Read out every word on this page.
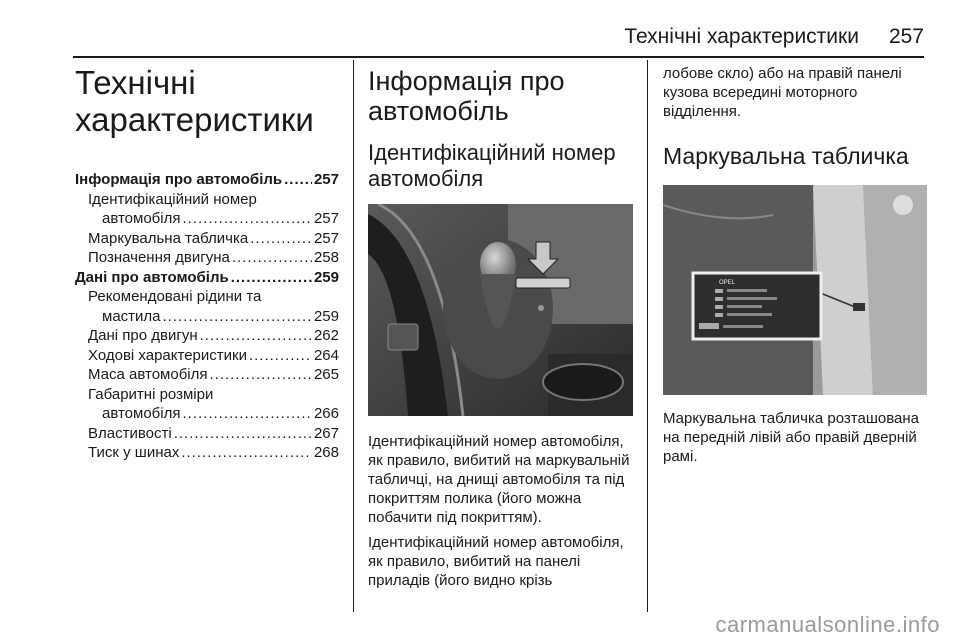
Технічні характеристики 257
Технічні характеристики
Інформація про автомобіль ..... 257
Ідентифікаційний номер
автомобіля .....	257
Маркувальна табличка .....	257
Позначення двигуна .....	258
Дані про автомобіль .....	259
Рекомендовані рідини та
мастила .....	259
Дані про двигун .....	262
Ходові характеристики .....	264
Маса автомобіля .....	265
Габаритні розміри
автомобіля .....	266
Властивості .....	267
Тиск у шинах .....	268
Інформація про автомобіль
Ідентифікаційний номер автомобіля
Ідентифікаційний номер автомобіля, як правило, вибитий на маркувальній табличці, на днищі автомобіля та під покриттям полика (його можна побачити під покриттям).
Ідентифікаційний номер автомобіля, як правило, вибитий на панелі приладів (його видно крізь
лобове скло) або на правій панелі кузова всередині моторного відділення.
Маркувальна табличка
OPEL
Маркувальна табличка розташована на передній лівій або правій дверній рамі.
carmanualsonline.info
